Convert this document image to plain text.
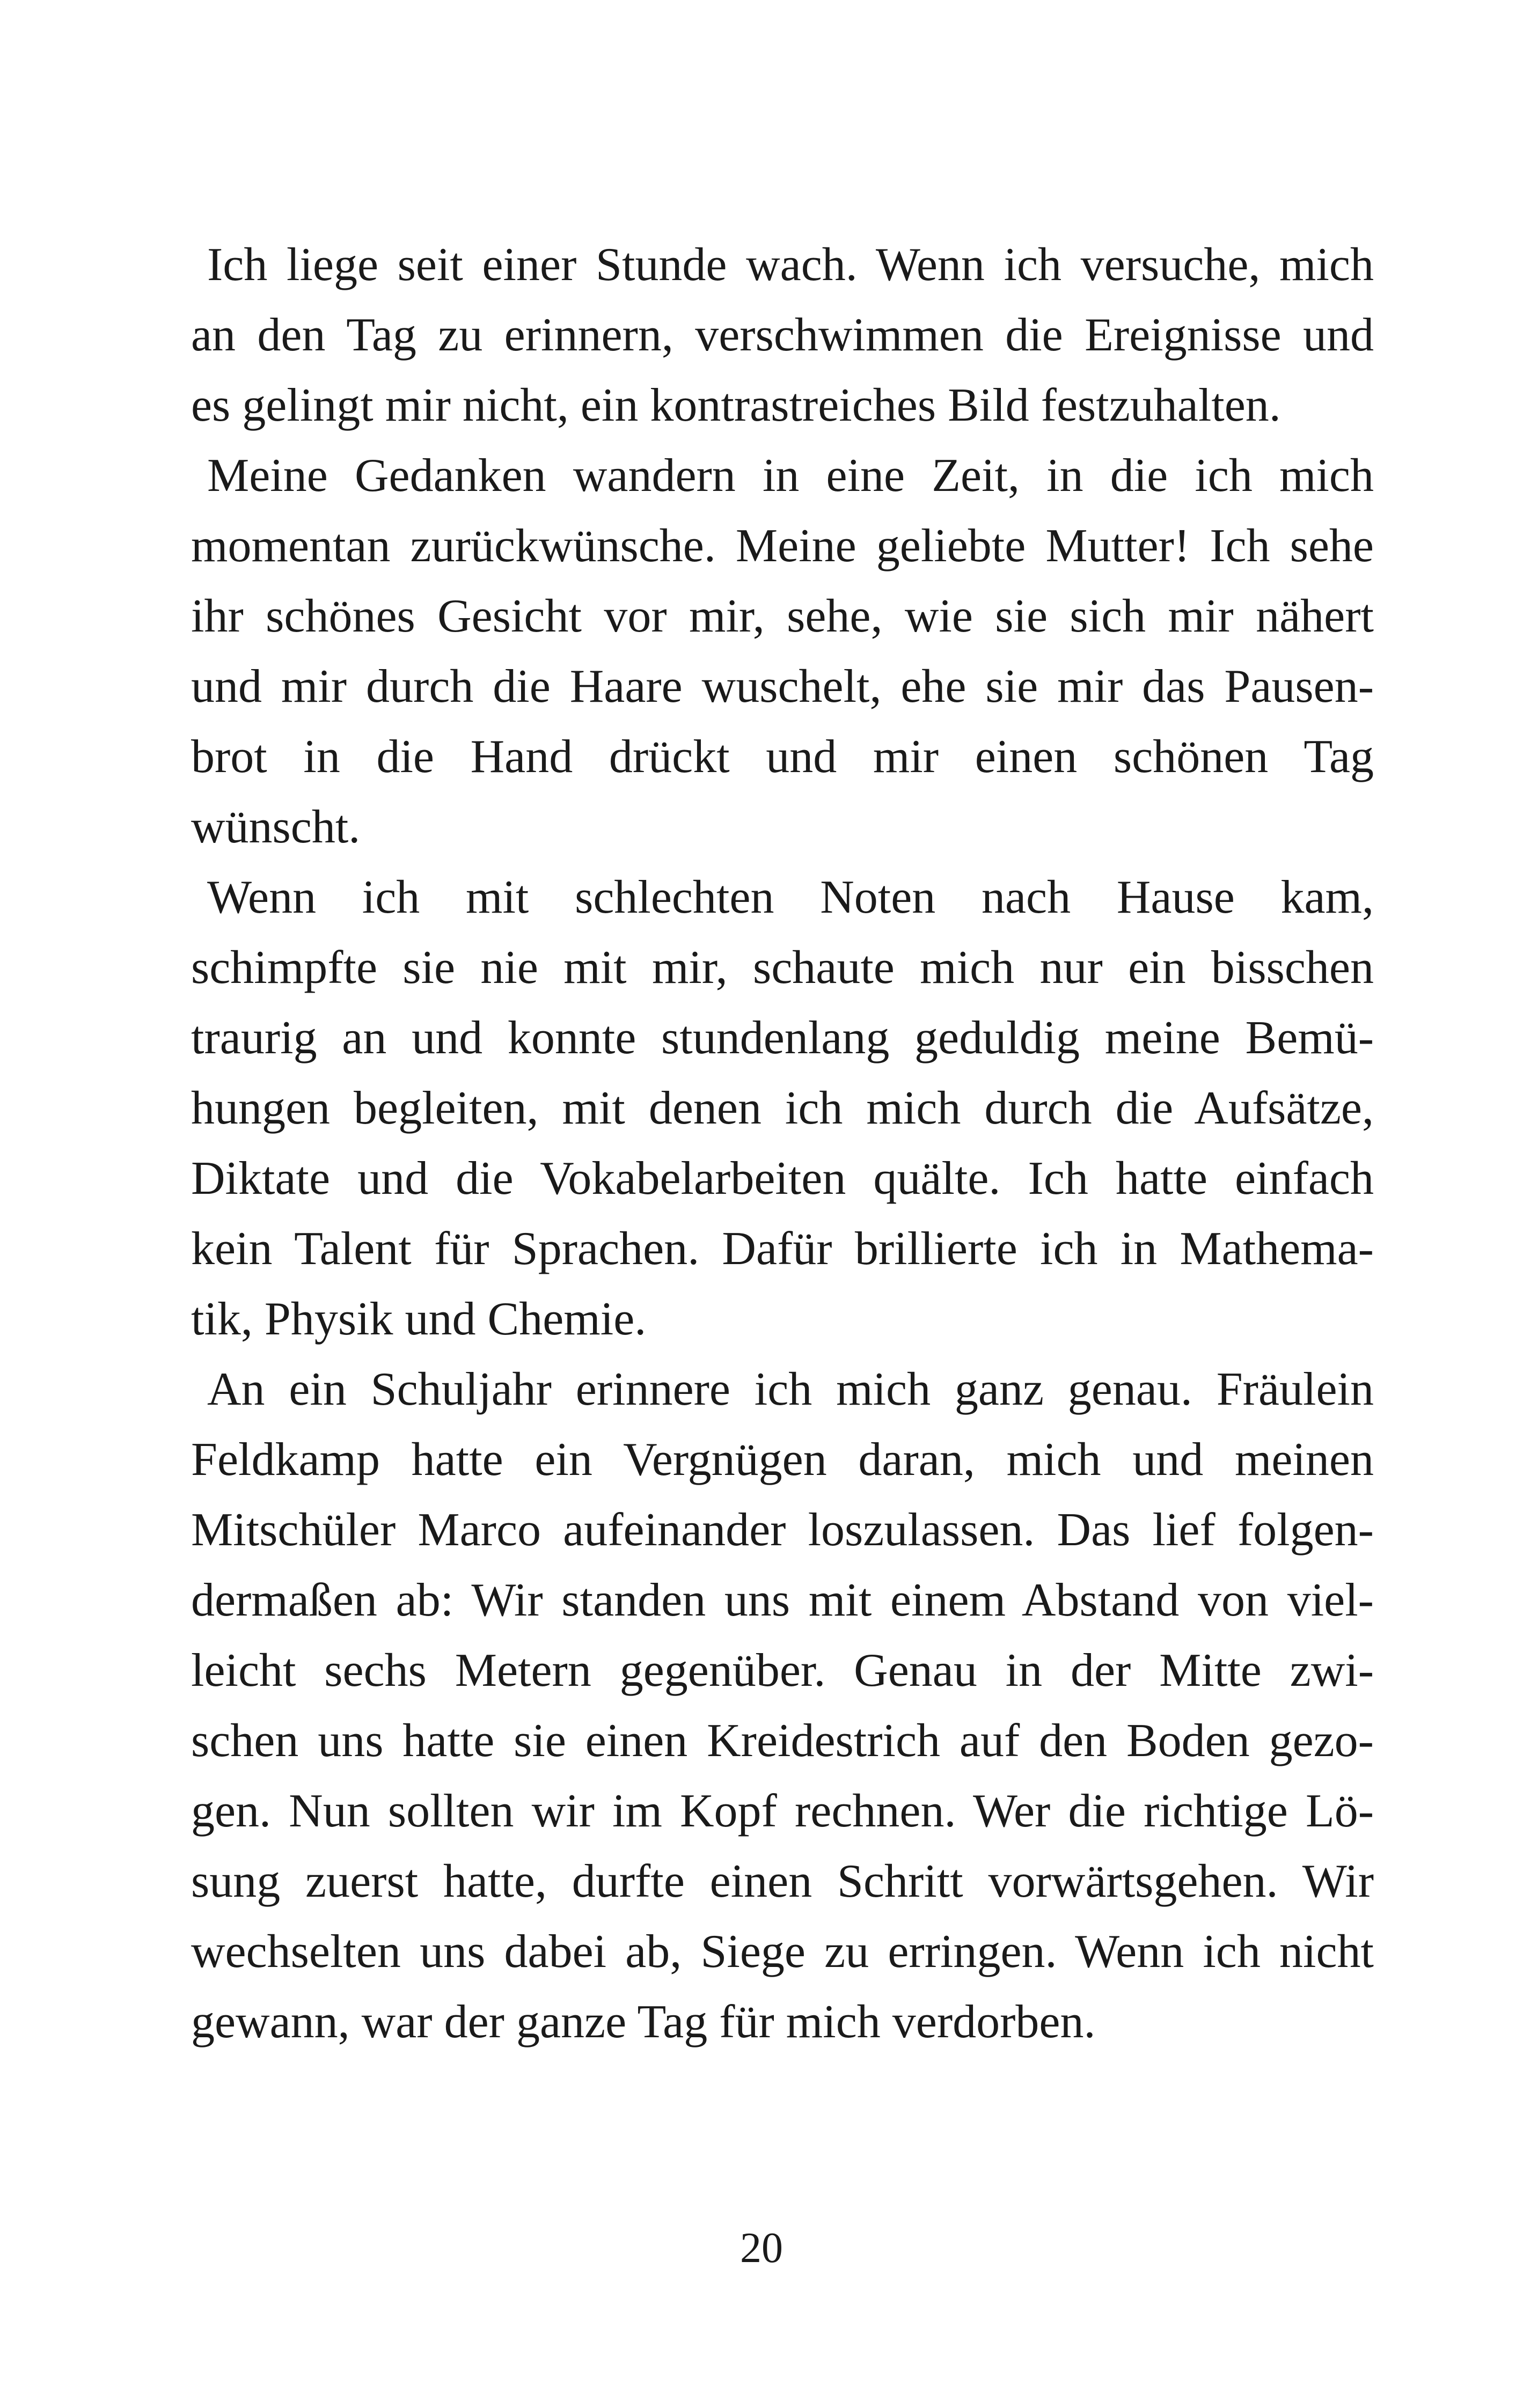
Ich liege seit einer Stunde wach. Wenn ich versuche, mich
an den Tag zu erinnern, verschwimmen die Ereignisse und
es gelingt mir nicht, ein kontrastreiches Bild festzuhalten.
Meine Gedanken wandern in eine Zeit, in die ich mich
momentan zurückwünsche. Meine geliebte Mutter! Ich sehe
ihr schönes Gesicht vor mir, sehe, wie sie sich mir nähert
und mir durch die Haare wuschelt, ehe sie mir das Pausen-
brot in die Hand drückt und mir einen schönen Tag
wünscht.
Wenn ich mit schlechten Noten nach Hause kam,
schimpfte sie nie mit mir, schaute mich nur ein bisschen
traurig an und konnte stundenlang geduldig meine Bemü-
hungen begleiten, mit denen ich mich durch die Aufsätze,
Diktate und die Vokabelarbeiten quälte. Ich hatte einfach
kein Talent für Sprachen. Dafür brillierte ich in Mathema-
tik, Physik und Chemie.
An ein Schuljahr erinnere ich mich ganz genau. Fräulein
Feldkamp hatte ein Vergnügen daran, mich und meinen
Mitschüler Marco aufeinander loszulassen. Das lief folgen-
dermaßen ab: Wir standen uns mit einem Abstand von viel-
leicht sechs Metern gegenüber. Genau in der Mitte zwi-
schen uns hatte sie einen Kreidestrich auf den Boden gezo-
gen. Nun sollten wir im Kopf rechnen. Wer die richtige Lö-
sung zuerst hatte, durfte einen Schritt vorwärtsgehen. Wir
wechselten uns dabei ab, Siege zu erringen. Wenn ich nicht
gewann, war der ganze Tag für mich verdorben.
20
